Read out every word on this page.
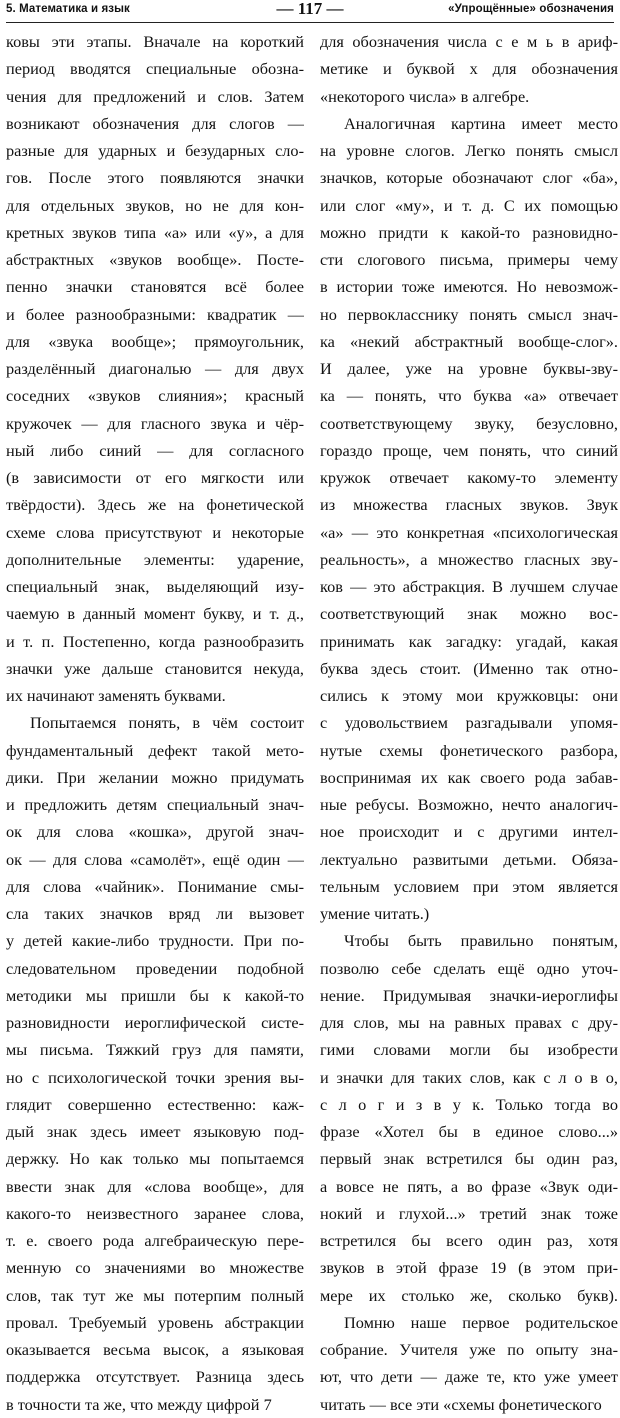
5. Математика и язык	— 117 —	«Упрощённые» обозначения
ковы эти этапы. Вначале на короткий
период вводятся специальные обозна-
чения для предложений и слов. Затем
возникают обозначения для слогов —
разные для ударных и безударных сло-
гов. После этого появляются значки
для отдельных звуков, но не для кон-
кретных звуков типа «а» или «у», а для
абстрактных «звуков вообще». Посте-
пенно значки становятся всё более
и более разнообразными: квадратик —
для «звука вообще»; прямоугольник,
разделённый диагональю — для двух
соседних «звуков слияния»; красный
кружочек — для гласного звука и чёр-
ный либо синий — для согласного
(в зависимости от его мягкости или
твёрдости). Здесь же на фонетической
схеме слова присутствуют и некоторые
дополнительные элементы: ударение,
специальный знак, выделяющий изу-
чаемую в данный момент букву, и т. д.,
и т. п. Постепенно, когда разнообразить
значки уже дальше становится некуда,
их начинают заменять буквами.
Попытаемся понять, в чём состоит
фундаментальный дефект такой мето-
дики. При желании можно придумать
и предложить детям специальный знач-
ок для слова «кошка», другой знач-
ок — для слова «самолёт», ещё один —
для слова «чайник». Понимание смы-
сла таких значков вряд ли вызовет
у детей какие-либо трудности. При по-
следовательном проведении подобной
методики мы пришли бы к какой-то
разновидности иероглифической систе-
мы письма. Тяжкий груз для памяти,
но с психологической точки зрения вы-
глядит совершенно естественно: каж-
дый знак здесь имеет языковую под-
держку. Но как только мы попытаемся
ввести знак для «слова вообще», для
какого-то неизвестного заранее слова,
т. е. своего рода алгебраическую пере-
менную со значениями во множестве
слов, так тут же мы потерпим полный
провал. Требуемый уровень абстракции
оказывается весьма высок, а языковая
поддержка отсутствует. Разница здесь
в точности та же, что между цифрой 7
для обозначения числа с е м ь в ариф-
метике и буквой x для обозначения
«некоторого числа» в алгебре.
Аналогичная картина имеет место
на уровне слогов. Легко понять смысл
значков, которые обозначают слог «ба»,
или слог «му», и т. д. С их помощью
можно придти к какой-то разновидно-
сти слогового письма, примеры чему
в истории тоже имеются. Но невозмож-
но первокласснику понять смысл знач-
ка «некий абстрактный вообще-слог».
И далее, уже на уровне буквы-зву-
ка — понять, что буква «а» отвечает
соответствующему звуку, безусловно,
гораздо проще, чем понять, что синий
кружок отвечает какому-то элементу
из множества гласных звуков. Звук
«а» — это конкретная «психологическая
реальность», а множество гласных зву-
ков — это абстракция. В лучшем случае
соответствующий знак можно вос-
принимать как загадку: угадай, какая
буква здесь стоит. (Именно так отно-
сились к этому мои кружковцы: они
с удовольствием разгадывали упомя-
нутые схемы фонетического разбора,
воспринимая их как своего рода забав-
ные ребусы. Возможно, нечто аналогич-
ное происходит и с другими интел-
лектуально развитыми детьми. Обяза-
тельным условием при этом является
умение читать.)
Чтобы быть правильно понятым,
позволю себе сделать ещё одно уточ-
нение. Придумывая значки-иероглифы
для слов, мы на равных правах с дру-
гими словами могли бы изобрести
и значки для таких слов, как с л о в о,
с л о г и з в у к. Только тогда во
фразе «Хотел бы в единое слово...»
первый знак встретился бы один раз,
а вовсе не пять, а во фразе «Звук оди-
нокий и глухой...» третий знак тоже
встретился бы всего один раз, хотя
звуков в этой фразе 19 (в этом при-
мере их столько же, сколько букв).
Помню наше первое родительское
собрание. Учителя уже по опыту зна-
ют, что дети — даже те, кто уже умеет
читать — все эти «схемы фонетического
